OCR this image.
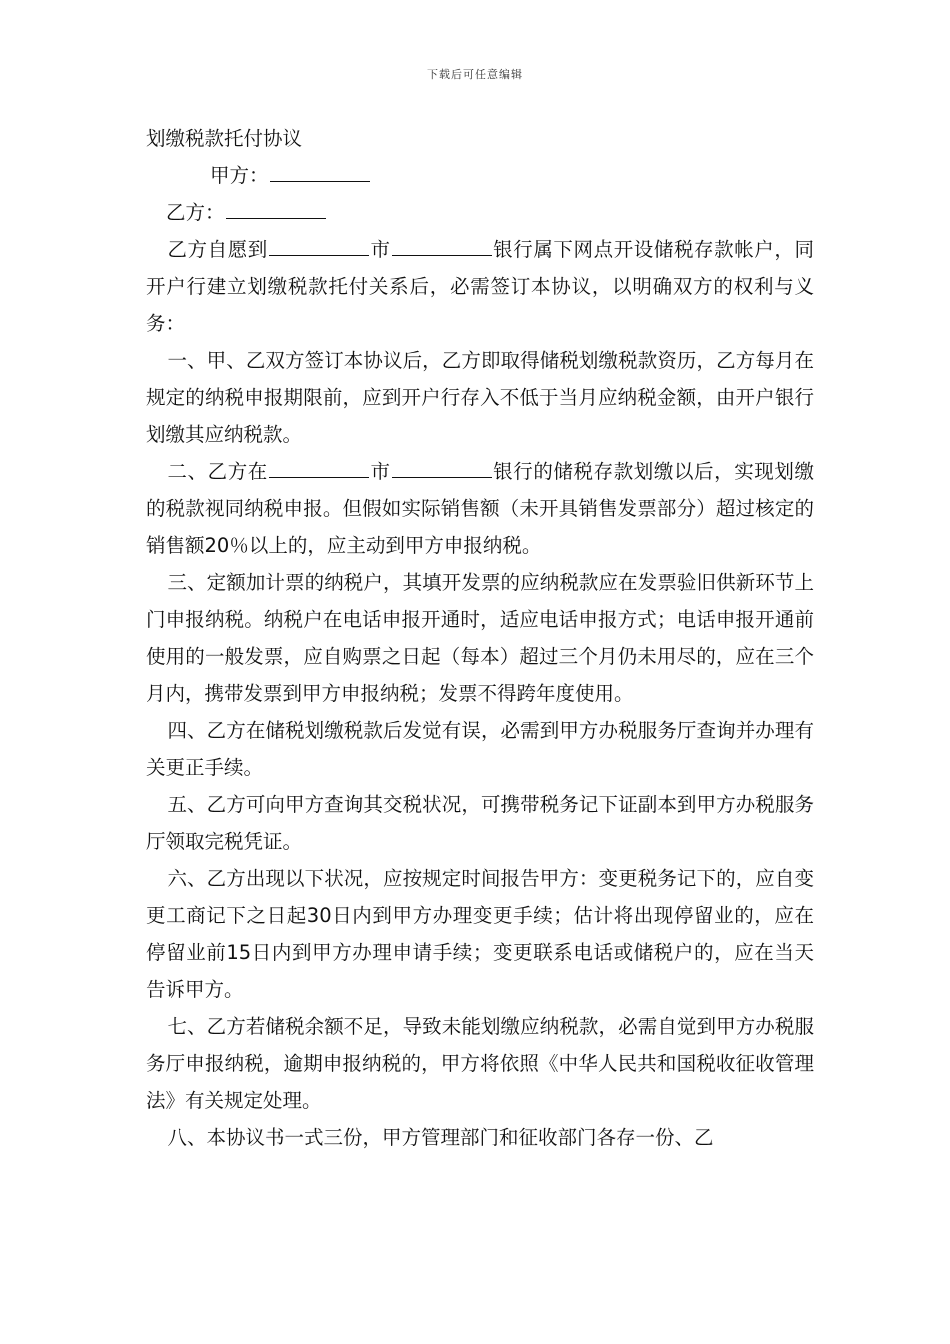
下载后可任意编辑

划缴税款托付协议

甲方：

乙方：

乙方自愿到	市	银行属下网点开设储税存款帐户，同开户行建立划缴税款托付关系后，必需签订本协议，以明确双方的权利与义务：

一、甲、乙双方签订本协议后，乙方即取得储税划缴税款资历，乙方每月在规定的纳税申报期限前，应到开户行存入不低于当月应纳税金额，由开户银行划缴其应纳税款。

二、乙方在	市	银行的储税存款划缴以后，实现划缴的税款视同纳税申报。但假如实际销售额（未开具销售发票部分）超过核定的销售额20％以上的，应主动到甲方申报纳税。

三、定额加计票的纳税户，其填开发票的应纳税款应在发票验旧供新环节上门申报纳税。纳税户在电话申报开通时，适应电话申报方式；电话申报开通前使用的一般发票，应自购票之日起（每本）超过三个月仍未用尽的，应在三个月内，携带发票到甲方申报纳税；发票不得跨年度使用。

四、乙方在储税划缴税款后发觉有误，必需到甲方办税服务厅查询并办理有关更正手续。

五、乙方可向甲方查询其交税状况，可携带税务记下证副本到甲方办税服务厅领取完税凭证。

六、乙方出现以下状况，应按规定时间报告甲方：变更税务记下的，应自变更工商记下之日起30日内到甲方办理变更手续；估计将出现停留业的，应在停留业前15日内到甲方办理申请手续；变更联系电话或储税户的，应在当天告诉甲方。

七、乙方若储税余额不足，导致未能划缴应纳税款，必需自觉到甲方办税服务厅申报纳税，逾期申报纳税的，甲方将依照《中华人民共和国税收征收管理法》有关规定处理。

八、本协议书一式三份，甲方管理部门和征收部门各存一份、乙
